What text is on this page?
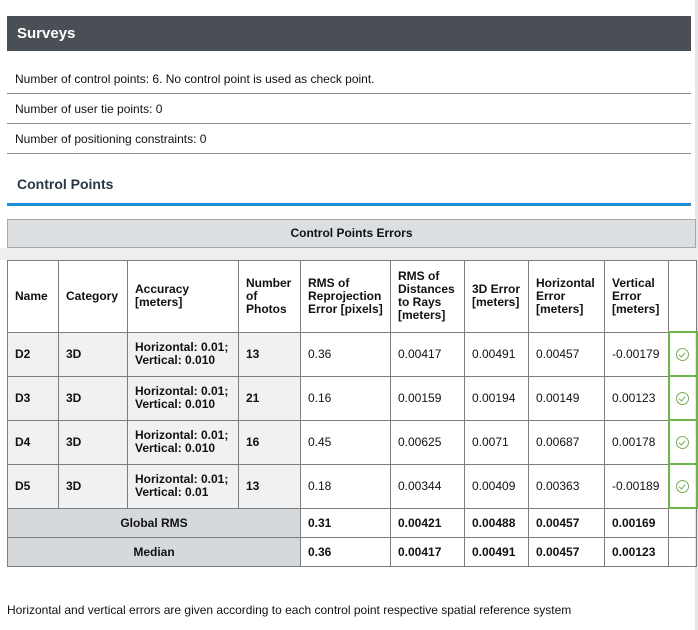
Surveys
Number of control points: 6. No control point is used as check point.
Number of user tie points: 0
Number of positioning constraints: 0
Control Points
Control Points Errors
Name	Category	Accuracy [meters]	Number of Photos	RMS of Reprojection Error [pixels]	RMS of Distances to Rays [meters]	3D Error [meters]	Horizontal Error [meters]	Vertical Error [meters]	
D2	3D	Horizontal: 0.01;
Vertical: 0.010	13	0.36	0.00417	0.00491	0.00457	-0.00179	
D3	3D	Horizontal: 0.01;
Vertical: 0.010	21	0.16	0.00159	0.00194	0.00149	0.00123	
D4	3D	Horizontal: 0.01;
Vertical: 0.010	16	0.45	0.00625	0.0071	0.00687	0.00178	
D5	3D	Horizontal: 0.01;
Vertical: 0.01	13	0.18	0.00344	0.00409	0.00363	-0.00189	
Global RMS				0.31	0.00421	0.00488	0.00457	0.00169	
Median				0.36	0.00417	0.00491	0.00457	0.00123	
Horizontal and vertical errors are given according to each control point respective spatial reference system
